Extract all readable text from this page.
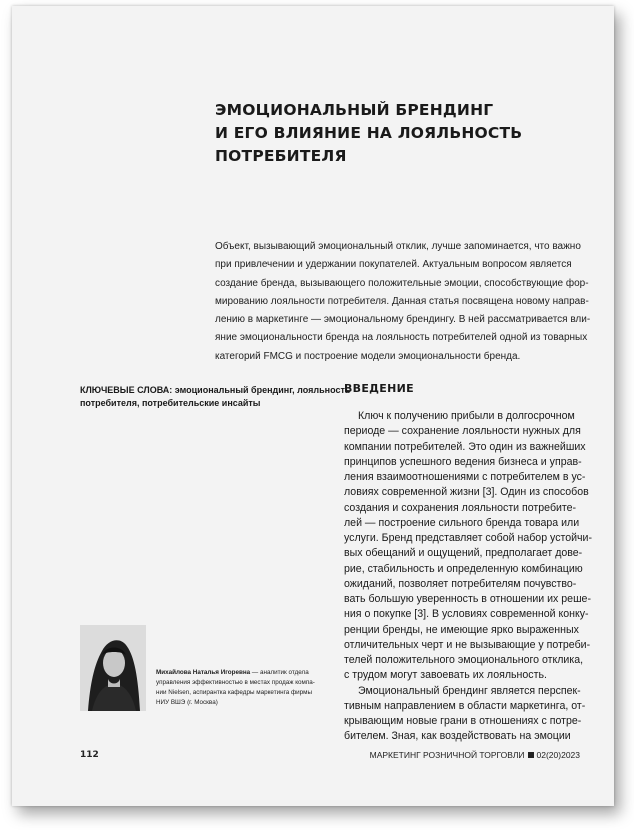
ЭМОЦИОНАЛЬНЫЙ БРЕНДИНГ
И ЕГО ВЛИЯНИЕ НА ЛОЯЛЬНОСТЬ
ПОТРЕБИТЕЛЯ

Объект, вызывающий эмоциональный отклик, лучше запоминается, что важно
при привлечении и удержании покупателей. Актуальным вопросом является
создание бренда, вызывающего положительные эмоции, способствующие фор-
мированию лояльности потребителя. Данная статья посвящена новому направ-
лению в маркетинге — эмоциональному брендингу. В ней рассматривается вли-
яние эмоциональности бренда на лояльность потребителей одной из товарных
категорий FMCG и построение модели эмоциональности бренда.

КЛЮЧЕВЫЕ СЛОВА: эмоциональный брендинг, лояльность
потребителя, потребительские инсайты

ВВЕДЕНИЕ

Ключ к получению прибыли в долгосрочном
периоде — сохранение лояльности нужных для
компании потребителей. Это один из важнейших
принципов успешного ведения бизнеса и управ-
ления взаимоотношениями с потребителем в ус-
ловиях современной жизни [3]. Один из способов
создания и сохранения лояльности потребите-
лей — построение сильного бренда товара или
услуги. Бренд представляет собой набор устойчи-
вых обещаний и ощущений, предполагает дове-
рие, стабильность и определенную комбинацию
ожиданий, позволяет потребителям почувство-
вать большую уверенность в отношении их реше-
ния о покупке [3]. В условиях современной конку-
ренции бренды, не имеющие ярко выраженных
отличительных черт и не вызывающие у потреби-
телей положительного эмоционального отклика,
с трудом могут завоевать их лояльность.
Эмоциональный брендинг является перспек-
тивным направлением в области маркетинга, от-
крывающим новые грани в отношениях с потре-
бителем. Зная, как воздействовать на эмоции

Михайлова Наталья Игоревна — аналитик отдела
управления эффективностью в местах продаж компа-
нии Nielsen, аспирантка кафедры маркетинга фирмы
НИУ ВШЭ (г. Москва)

112	МАРКЕТИНГ РОЗНИЧНОЙ ТОРГОВЛИ 02(20)2023
